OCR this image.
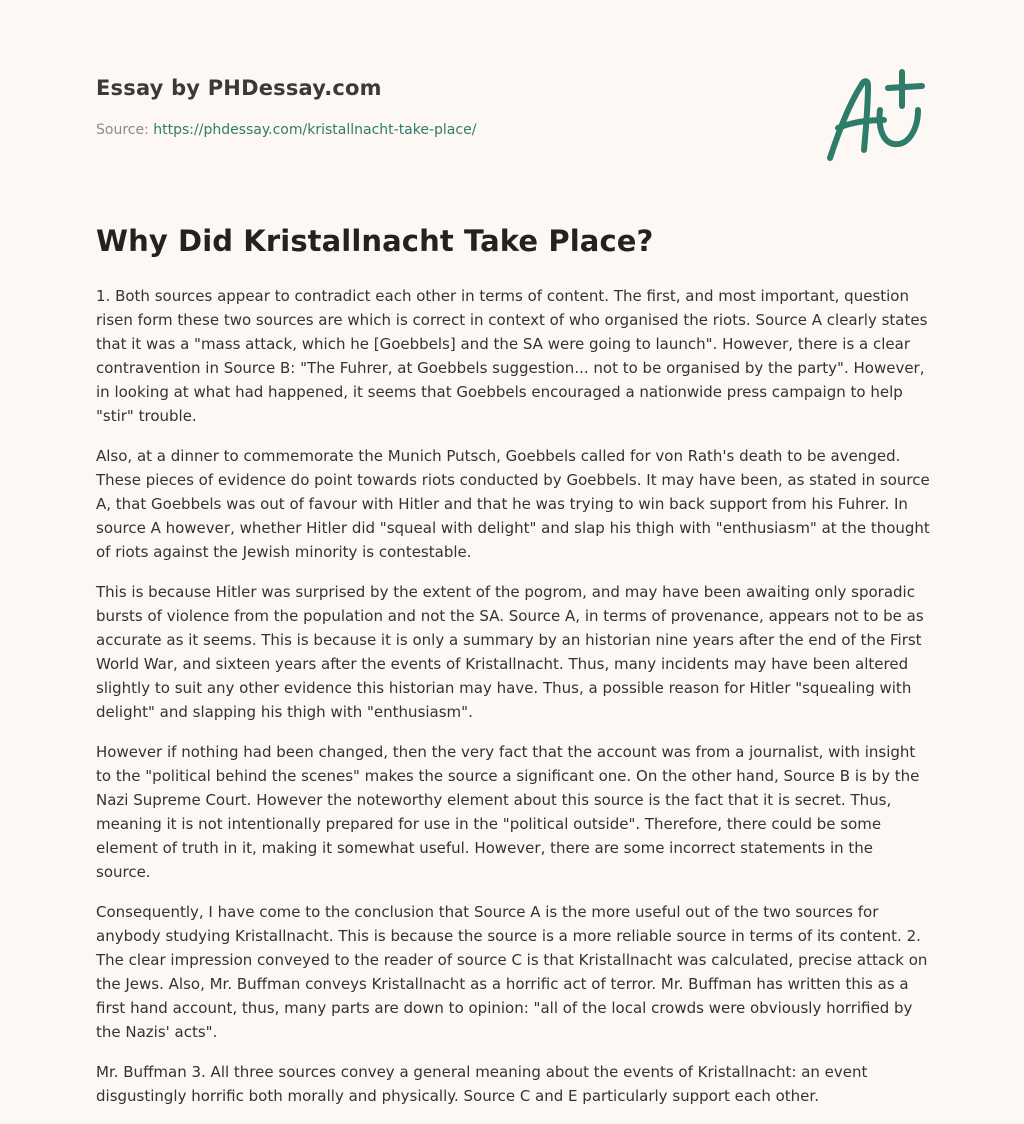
Essay by PHDessay.com
Source: https://phdessay.com/kristallnacht-take-place/
Why Did Kristallnacht Take Place?

1. Both sources appear to contradict each other in terms of content. The first, and most important, question risen form these two sources are which is correct in context of who organised the riots. Source A clearly states that it was a "mass attack, which he [Goebbels] and the SA were going to launch". However, there is a clear contravention in Source B: "The Fuhrer, at Goebbels suggestion... not to be organised by the party". However, in looking at what had happened, it seems that Goebbels encouraged a nationwide press campaign to help "stir" trouble.

Also, at a dinner to commemorate the Munich Putsch, Goebbels called for von Rath's death to be avenged. These pieces of evidence do point towards riots conducted by Goebbels. It may have been, as stated in source A, that Goebbels was out of favour with Hitler and that he was trying to win back support from his Fuhrer. In source A however, whether Hitler did "squeal with delight" and slap his thigh with "enthusiasm" at the thought of riots against the Jewish minority is contestable.

This is because Hitler was surprised by the extent of the pogrom, and may have been awaiting only sporadic bursts of violence from the population and not the SA. Source A, in terms of provenance, appears not to be as accurate as it seems. This is because it is only a summary by an historian nine years after the end of the First World War, and sixteen years after the events of Kristallnacht. Thus, many incidents may have been altered slightly to suit any other evidence this historian may have. Thus, a possible reason for Hitler "squealing with delight" and slapping his thigh with "enthusiasm".

However if nothing had been changed, then the very fact that the account was from a journalist, with insight to the "political behind the scenes" makes the source a significant one. On the other hand, Source B is by the Nazi Supreme Court. However the noteworthy element about this source is the fact that it is secret. Thus, meaning it is not intentionally prepared for use in the "political outside". Therefore, there could be some element of truth in it, making it somewhat useful. However, there are some incorrect statements in the source.

Consequently, I have come to the conclusion that Source A is the more useful out of the two sources for anybody studying Kristallnacht. This is because the source is a more reliable source in terms of its content. 2. The clear impression conveyed to the reader of source C is that Kristallnacht was calculated, precise attack on the Jews. Also, Mr. Buffman conveys Kristallnacht as a horrific act of terror. Mr. Buffman has written this as a first hand account, thus, many parts are down to opinion: "all of the local crowds were obviously horrified by the Nazis' acts".

Mr. Buffman 3. All three sources convey a general meaning about the events of Kristallnacht: an event disgustingly horrific both morally and physically. Source C and E particularly support each other.
